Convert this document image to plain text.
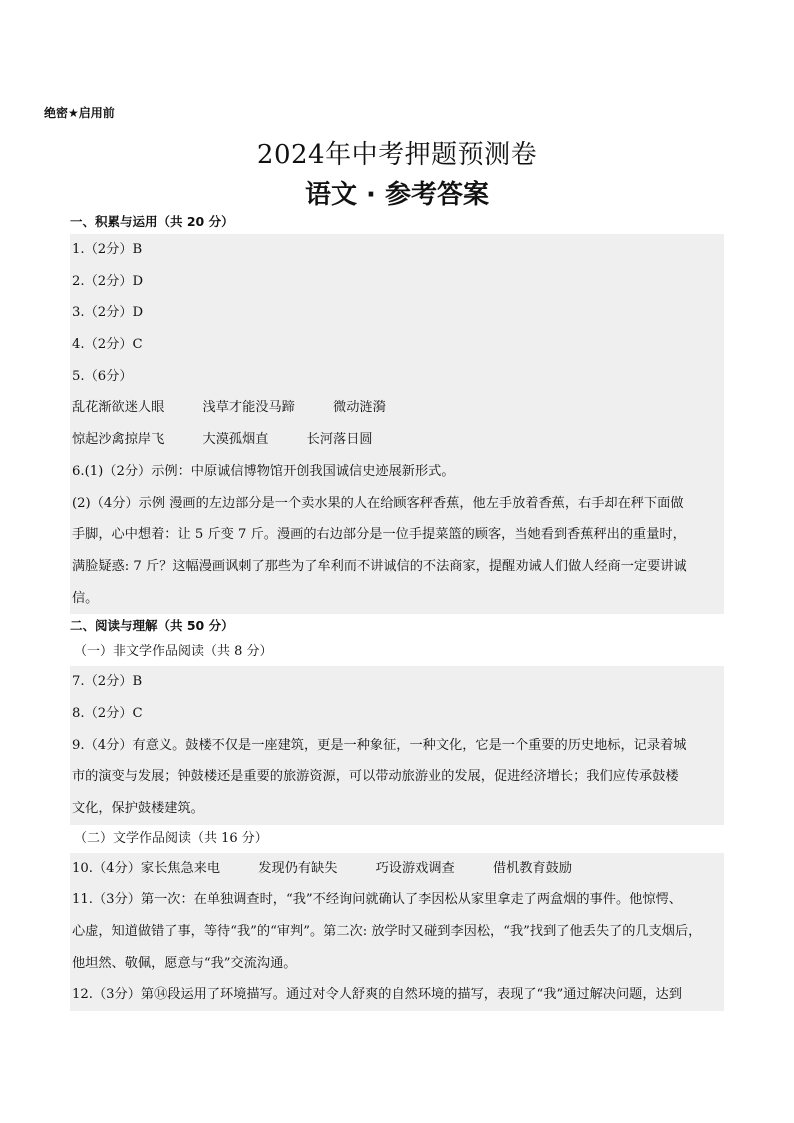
绝密★启用前
2024年中考押题预测卷
语文 · 参考答案
一、积累与运用（共 20 分）
1.（2分）B
2.（2分）D
3.（2分）D
4.（2分）C
5.（6分）
乱花渐欲迷人眼	浅草才能没马蹄	微动涟漪
惊起沙禽掠岸飞	大漠孤烟直	长河落日圆
6.(1)（2分）示例：中原诚信博物馆开创我国诚信史迹展新形式。
(2)（4分）示例 漫画的左边部分是一个卖水果的人在给顾客秤香蕉，他左手放着香蕉，右手却在秤下面做
手脚，心中想着：让 5 斤变 7 斤。漫画的右边部分是一位手提菜篮的顾客，当她看到香蕉秤出的重量时，
满脸疑惑: 7 斤？这幅漫画讽刺了那些为了牟利而不讲诚信的不法商家，提醒劝诫人们做人经商一定要讲诚
信。
二、阅读与理解（共 50 分）
（一）非文学作品阅读（共 8 分）
7.（2分）B
8.（2分）C
9.（4分）有意义。鼓楼不仅是一座建筑，更是一种象征，一种文化，它是一个重要的历史地标，记录着城
市的演变与发展；钟鼓楼还是重要的旅游资源，可以带动旅游业的发展，促进经济增长；我们应传承鼓楼
文化，保护鼓楼建筑。
（二）文学作品阅读（共 16 分）
10.（4分）家长焦急来电	发现仍有缺失	巧设游戏调查	借机教育鼓励
11.（3分）第一次：在单独调查时，“我”不经询问就确认了李因松从家里拿走了两盒烟的事件。他惊愕、
心虚，知道做错了事，等待“我”的“审判”。第二次: 放学时又碰到李因松，“我”找到了他丢失了的几支烟后，
他坦然、敬佩，愿意与“我”交流沟通。
12.（3分）第⑭段运用了环境描写。通过对令人舒爽的自然环境的描写，表现了“我”通过解决问题，达到
